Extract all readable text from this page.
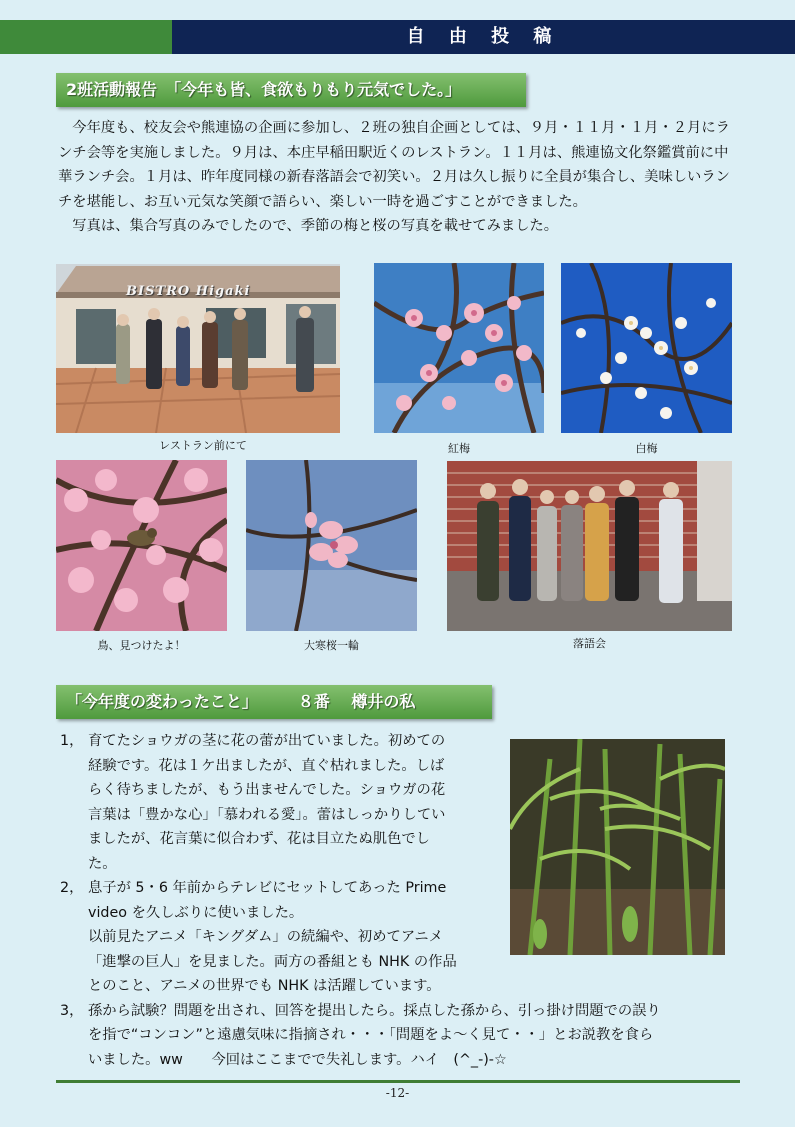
自 由 投 稿
2班活動報告　「今年も皆、食欲もりもり元気でした。」

　今年度も、校友会や熊連協の企画に参加し、２班の独自企画としては、９月・１１月・１月・２月にランチ会等を実施しました。９月は、本庄早稲田駅近くのレストラン。１１月は、熊連協文化祭鑑賞前に中華ランチ会。１月は、昨年度同様の新春落語会で初笑い。２月は久し振りに全員が集合し、美味しいランチを堪能し、お互い元気な笑顔で語らい、楽しい一時を過ごすことができました。

　写真は、集合写真のみでしたので、季節の梅と桜の写真を載せてみました。

BISTRO Higaki
レストラン前にて	紅梅	白梅
鳥、見つけたよ！	大寒桜一輪	落語会
「今年度の変わったこと」　　　８番　 樽井の私
1， 育てたショウガの茎に花の蕾が出ていました。初めての

経験です。花は１ケ出ましたが、直ぐ枯れました。しば

らく待ちましたが、もう出ませんでした。ショウガの花

言葉は「豊かな心」「慕われる愛」。蕾はしっかりしてい

ましたが、花言葉に似合わず、花は目立たぬ肌色でし

た。

2， 息子が 5・6 年前からテレビにセットしてあった Prime

video を久しぶりに使いました。

以前見たアニメ「キングダム」の続編や、初めてアニメ

「進撃の巨人」を見ました。両方の番組とも NHK の作品

とのこと、アニメの世界でも NHK は活躍しています。

3， 孫から試験？問題を出され、回答を提出したら。採点した孫から、引っ掛け問題での誤り

を指で“コンコン”と遠慮気味に指摘され・・・「問題をよ～く見て・・」とお説教を食ら

いました。ww　　今回はここまでで失礼します。ハイ　(^_-)-☆

-12-
